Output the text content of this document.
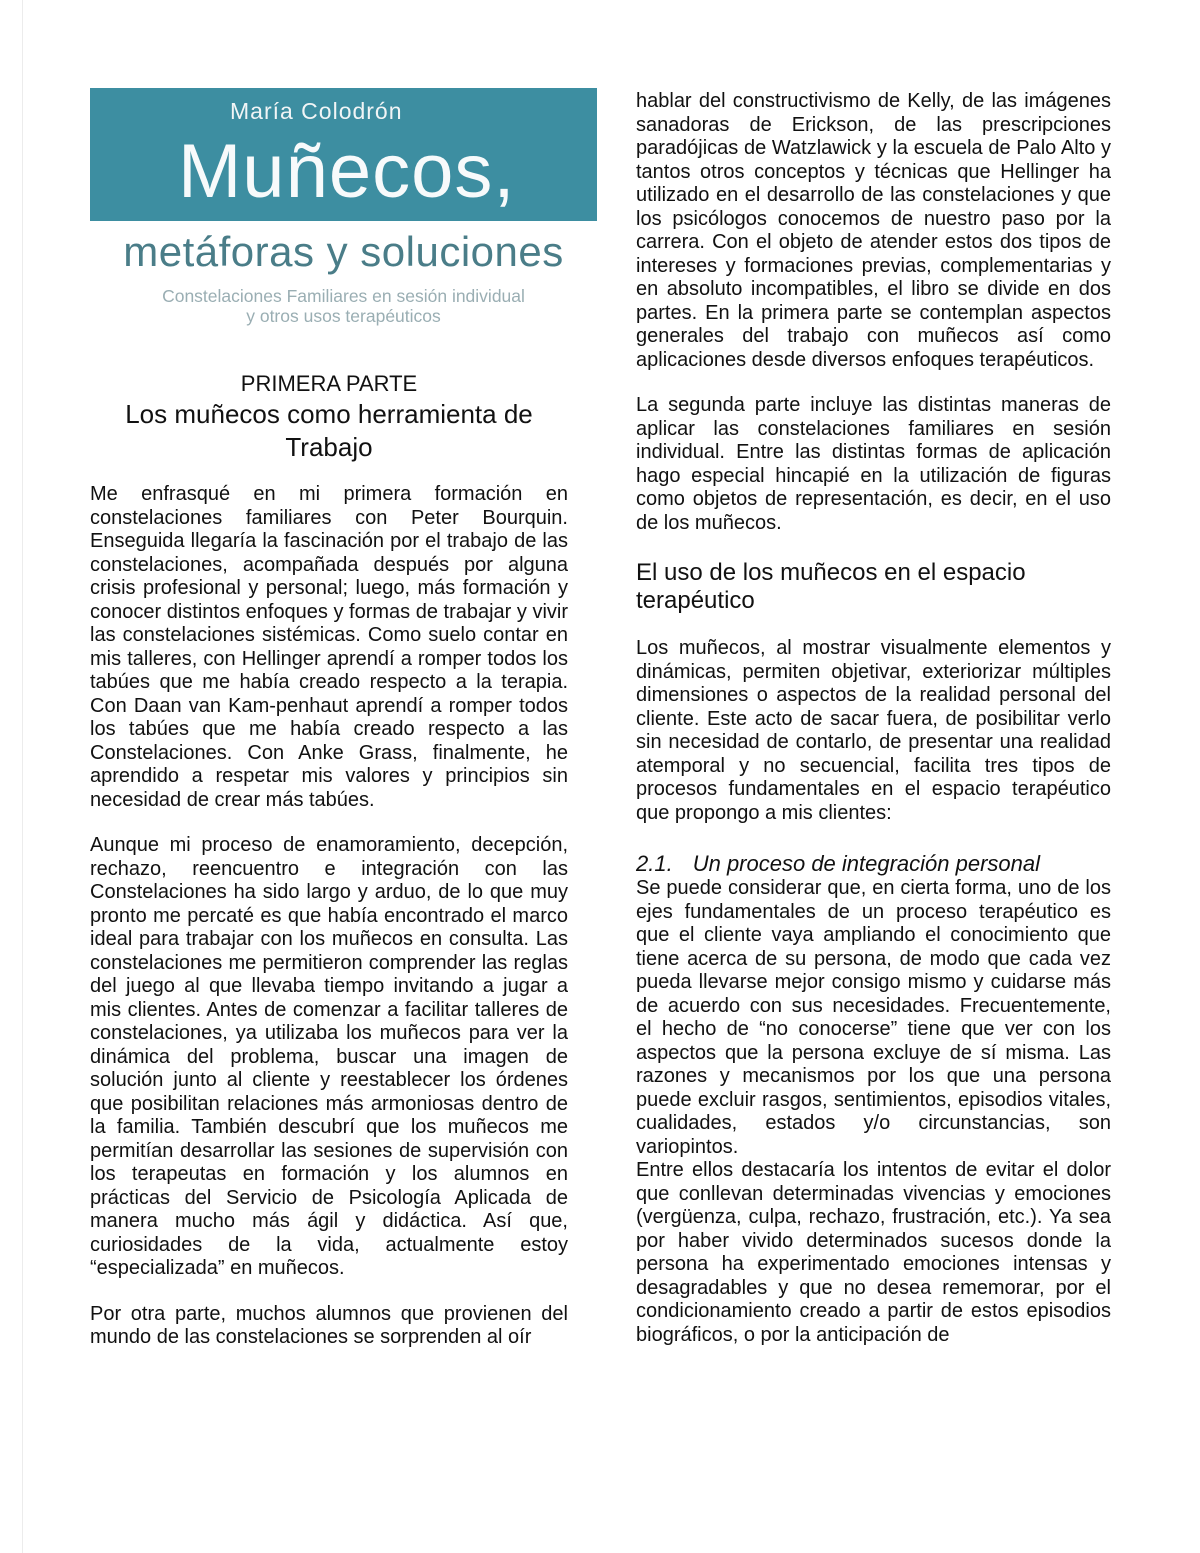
María Colodrón
Muñecos,
metáforas y soluciones
Constelaciones Familiares en sesión individual
y otros usos terapéuticos
PRIMERA PARTE
Los muñecos como herramienta de Trabajo

Me enfrasqué en mi primera formación en constelaciones familiares con Peter Bourquin. Enseguida llegaría la fascinación por el trabajo de las constelaciones, acompañada después por alguna crisis profesional y personal; luego, más formación y conocer distintos enfoques y formas de trabajar y vivir las constelaciones sistémicas. Como suelo contar en mis talleres, con Hellinger aprendí a romper todos los tabúes que me había creado respecto a la terapia. Con Daan van Kam-penhaut aprendí a romper todos los tabúes que me había creado respecto a las Constelaciones. Con Anke Grass, finalmente, he aprendido a respetar mis valores y principios sin necesidad de crear más tabúes.

Aunque mi proceso de enamoramiento, decepción, rechazo, reencuentro e integración con las Constelaciones ha sido largo y arduo, de lo que muy pronto me percaté es que había encontrado el marco ideal para trabajar con los muñecos en consulta. Las constelaciones me permitieron comprender las reglas del juego al que llevaba tiempo invitando a jugar a mis clientes. Antes de comenzar a facilitar talleres de constelaciones, ya utilizaba los muñecos para ver la dinámica del problema, buscar una imagen de solución junto al cliente y reestablecer los órdenes que posibilitan relaciones más armoniosas dentro de la familia. También descubrí que los muñecos me permitían desarrollar las sesiones de supervisión con los terapeutas en formación y los alumnos en prácticas del Servicio de Psicología Aplicada de manera mucho más ágil y didáctica. Así que, curiosidades de la vida, actualmente estoy “especializada” en muñecos.

Por otra parte, muchos alumnos que provienen del mundo de las constelaciones se sorprenden al oír

hablar del constructivismo de Kelly, de las imágenes sanadoras de Erickson, de las prescripciones paradójicas de Watzlawick y la escuela de Palo Alto y tantos otros conceptos y técnicas que Hellinger ha utilizado en el desarrollo de las constelaciones y que los psicólogos conocemos de nuestro paso por la carrera. Con el objeto de atender estos dos tipos de intereses y formaciones previas, complementarias y en absoluto incompatibles, el libro se divide en dos partes. En la primera parte se contemplan aspectos generales del trabajo con muñecos así como aplicaciones desde diversos enfoques terapéuticos.

La segunda parte incluye las distintas maneras de aplicar las constelaciones familiares en sesión individual. Entre las distintas formas de aplicación hago especial hincapié en la utilización de figuras como objetos de representación, es decir, en el uso de los muñecos.

El uso de los muñecos en el espacio terapéutico

Los muñecos, al mostrar visualmente elementos y dinámicas, permiten objetivar, exteriorizar múltiples dimensiones o aspectos de la realidad personal del cliente. Este acto de sacar fuera, de posibilitar verlo sin necesidad de contarlo, de presentar una realidad atemporal y no secuencial, facilita tres tipos de procesos fundamentales en el espacio terapéutico que propongo a mis clientes:

2.1. Un proceso de integración personal

Se puede considerar que, en cierta forma, uno de los ejes fundamentales de un proceso terapéutico es que el cliente vaya ampliando el conocimiento que tiene acerca de su persona, de modo que cada vez pueda llevarse mejor consigo mismo y cuidarse más de acuerdo con sus necesidades. Frecuentemente, el hecho de “no conocerse” tiene que ver con los aspectos que la persona excluye de sí misma. Las razones y mecanismos por los que una persona puede excluir rasgos, sentimientos, episodios vitales, cualidades, estados y/o circunstancias, son variopintos.

Entre ellos destacaría los intentos de evitar el dolor que conllevan determinadas vivencias y emociones (vergüenza, culpa, rechazo, frustración, etc.). Ya sea por haber vivido determinados sucesos donde la persona ha experimentado emociones intensas y desagradables y que no desea rememorar, por el condicionamiento creado a partir de estos episodios biográficos, o por la anticipación de
